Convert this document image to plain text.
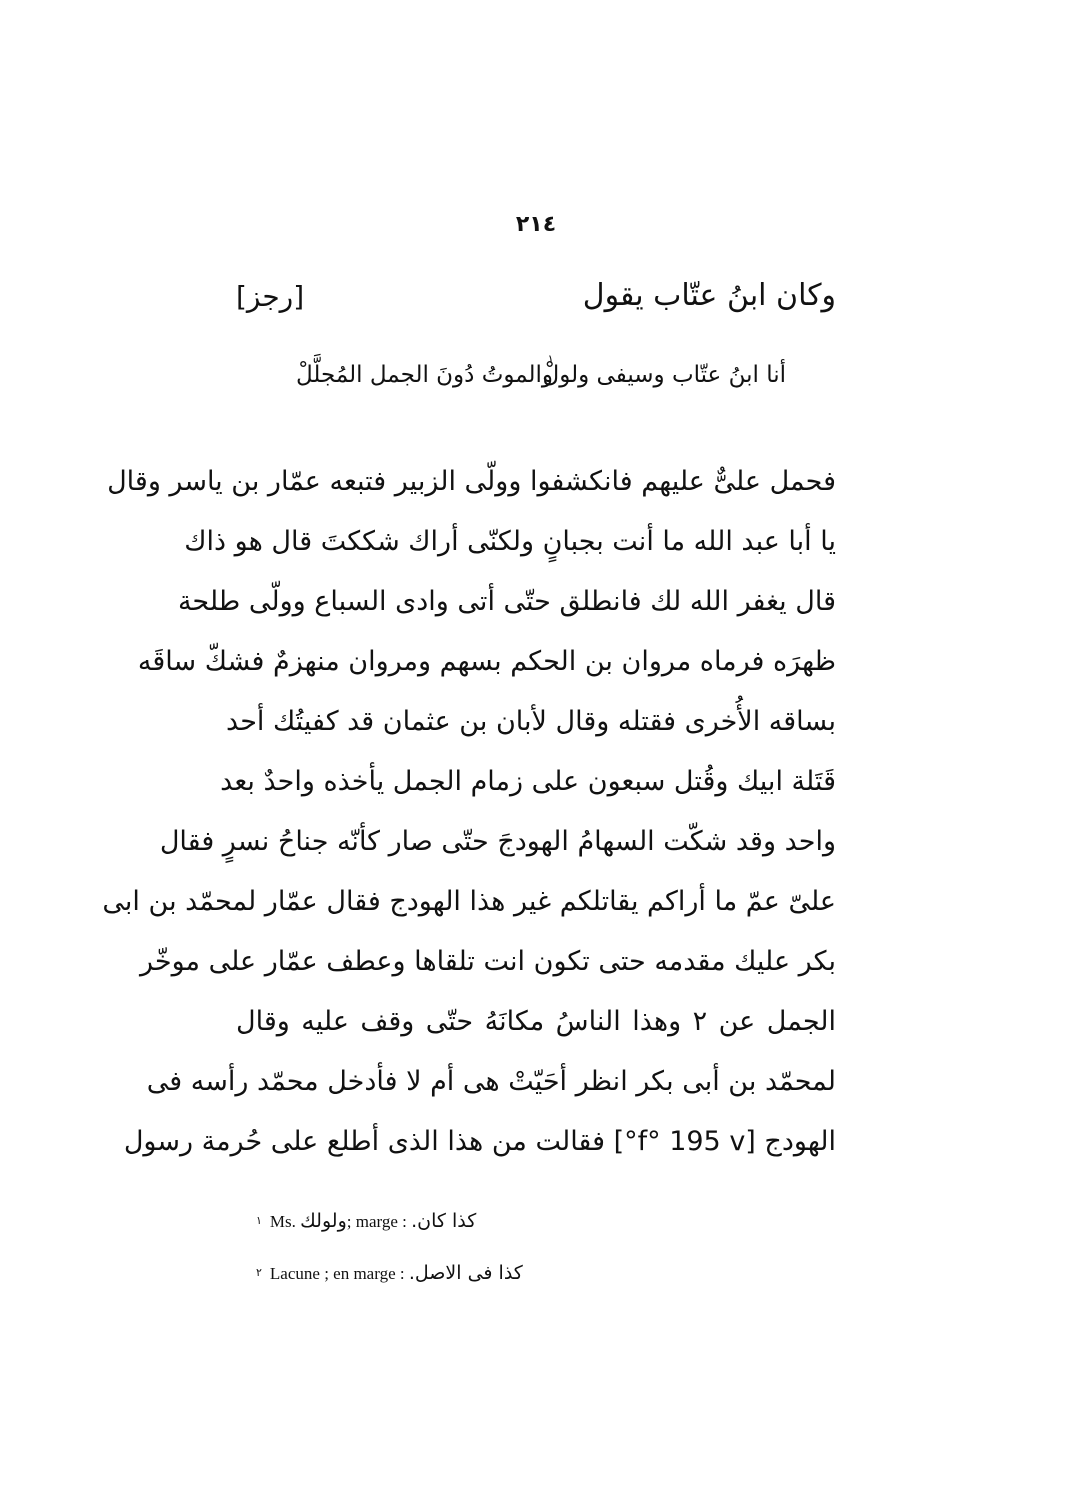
٢١٤
وكان ابنُ عتّاب يقول
[رجز]
أنا ابنُ عتّاب وسيفى ولولْ
١
والموتُ دُونَ الجمل المُجلَّلْ
فحمل علىٌّ عليهم فانكشفوا وولّى الزبير فتبعه عمّار بن ياسر وقال
يا أبا عبد الله ما أنت بجبانٍ ولكنّى أراك شككتَ قال هو ذاك
قال يغفر الله لك فانطلق حتّى أتى وادى السباع وولّى طلحة
ظهرَه فرماه مروان بن الحكم بسهم ومروان منهزمٌ فشكّ ساقَه
بساقه الأُخرى فقتله وقال لأبان بن عثمان قد كفيتُك أحد
قَتَلة ابيك وقُتل سبعون على زمام الجمل يأخذه واحدٌ بعد
واحد وقد شكّت السهامُ الهودجَ حتّى صار كأنّه جناحُ نسرٍ فقال
علىّ عمّ ما أراكم يقاتلكم غير هذا الهودج فقال عمّار لمحمّد بن ابى
بكر عليك مقدمه حتى تكون انت تلقاها وعطف عمّار على موخّر
الجمل عن ٢ وهذا الناسُ مكانَهُ حتّى وقف عليه وقال
لمحمّد بن أبى بكر انظر أحَيّتْ هى أم لا فأدخل محمّد رأسه فى
الهودج [f° 195 v°] فقالت من هذا الذى أطلع على حُرمة رسول
$^١$ Ms. ولولك; marge : كذا كان.
$^٢$ Lacune ; en marge : كذا فى الاصل.
